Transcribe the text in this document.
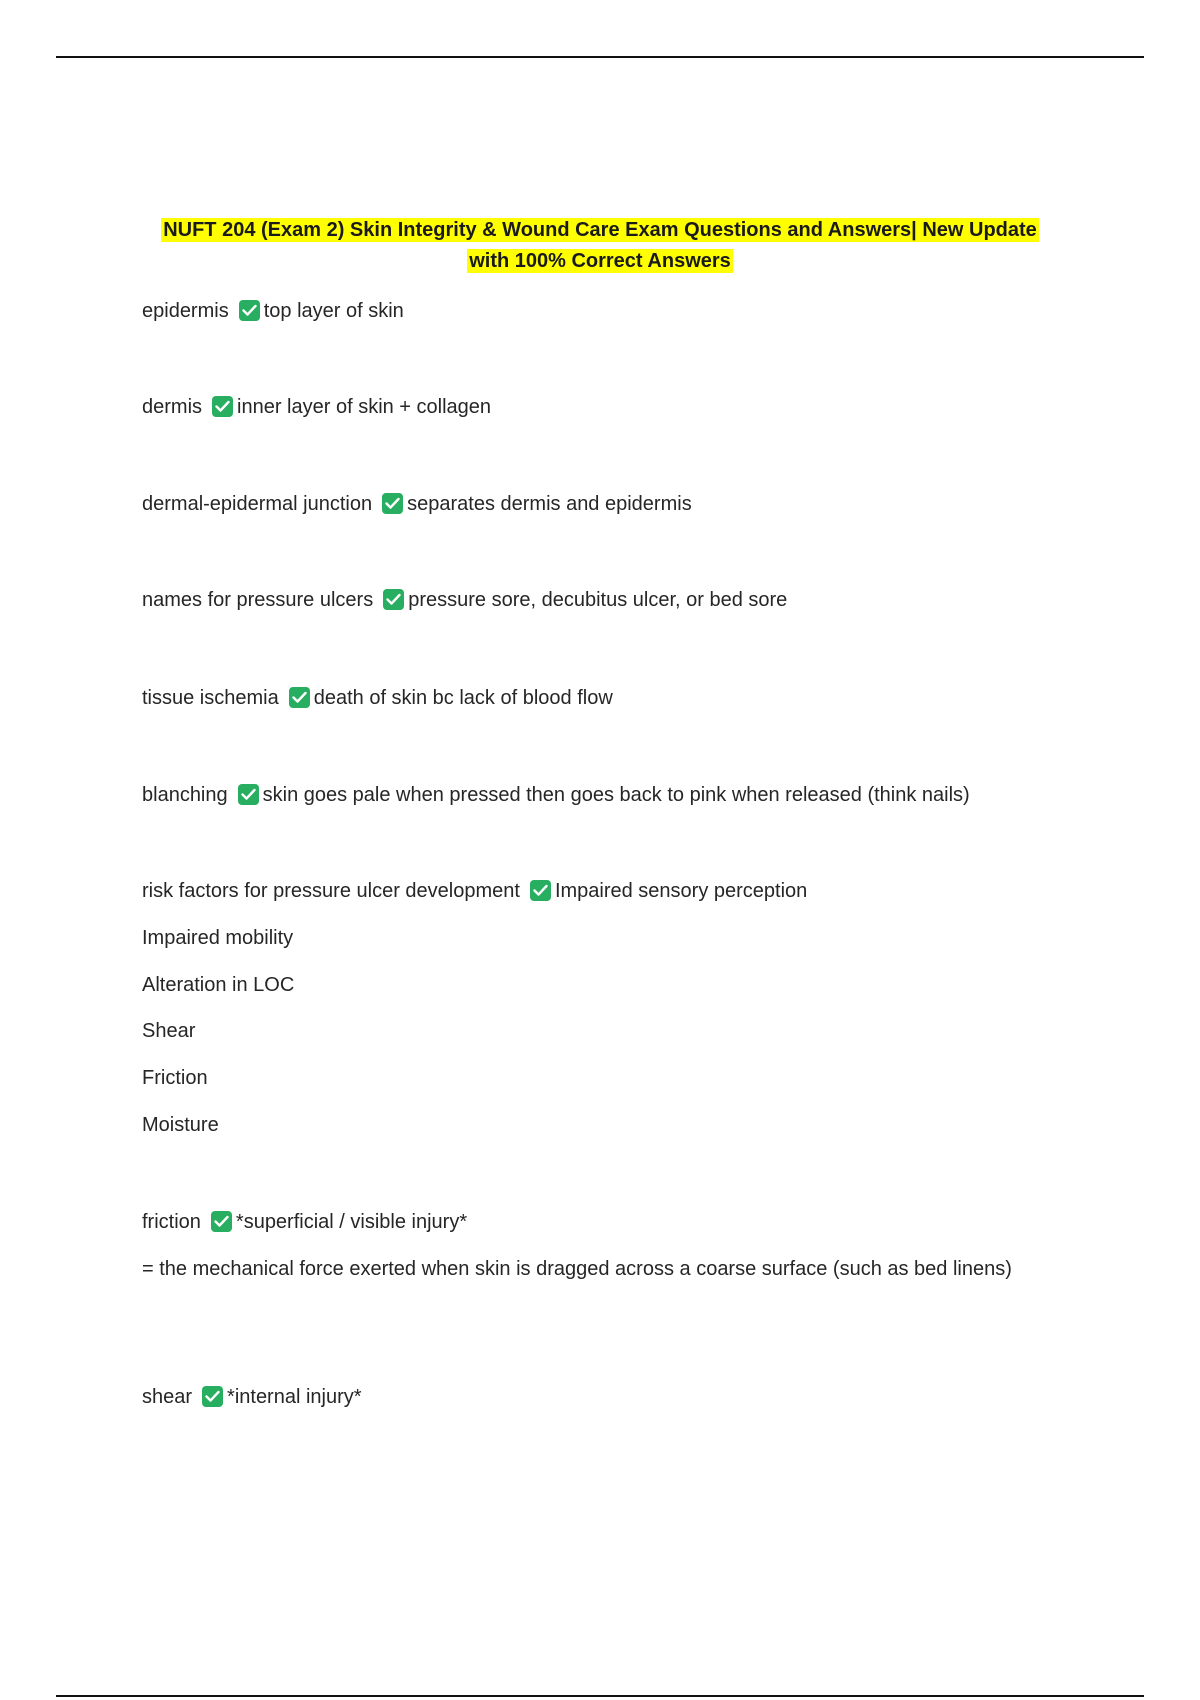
NUFT 204 (Exam 2) Skin Integrity & Wound Care Exam Questions and Answers| New Update
with 100% Correct Answers
epidermis top layer of skin
dermis inner layer of skin + collagen
dermal-epidermal junction separates dermis and epidermis
names for pressure ulcers pressure sore, decubitus ulcer, or bed sore
tissue ischemia death of skin bc lack of blood flow
blanching skin goes pale when pressed then goes back to pink when released (think nails)
risk factors for pressure ulcer development Impaired sensory perception
Impaired mobility
Alteration in LOC
Shear
Friction
Moisture
friction *superficial / visible injury*
= the mechanical force exerted when skin is dragged across a coarse surface (such as bed linens)
shear *internal injury*
